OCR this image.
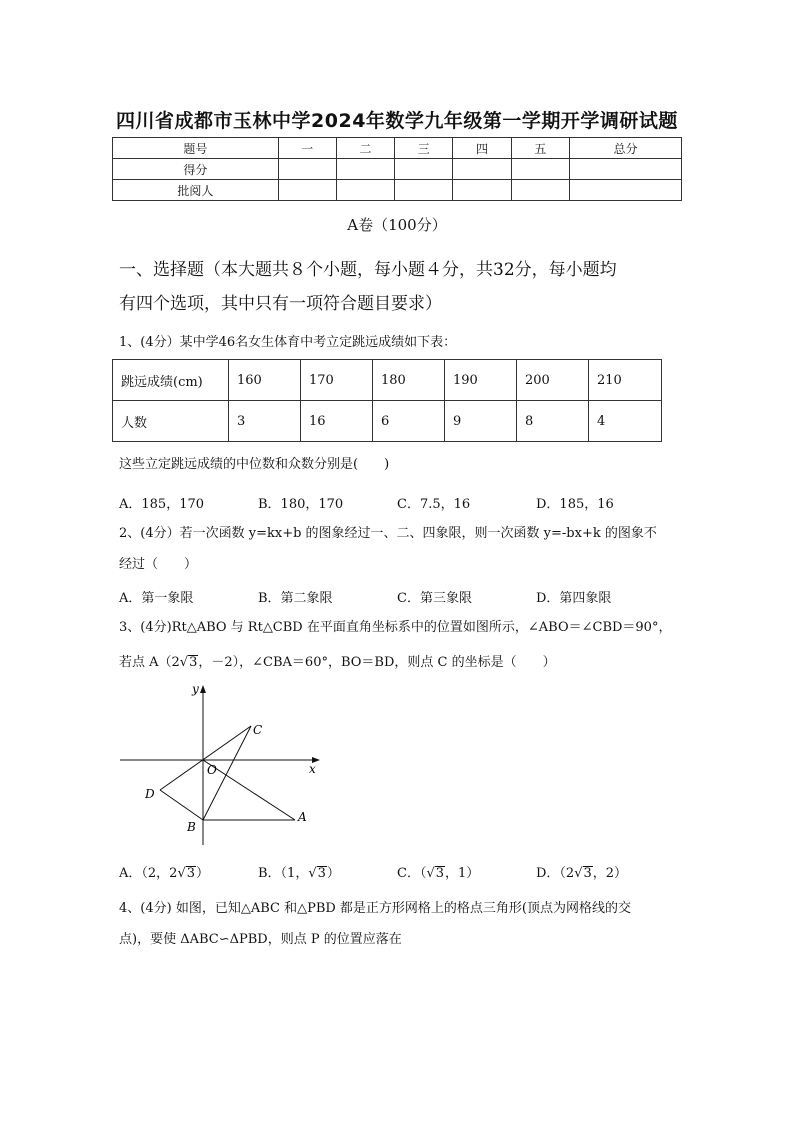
四川省成都市玉林中学2024年数学九年级第一学期开学调研试题
题号	一	二	三	四	五	总分
得分						
批阅人						
A卷（100分）
一、选择题（本大题共８个小题，每小题４分，共32分，每小题均
有四个选项，其中只有一项符合题目要求）
1、(4分）某中学46名女生体育中考立定跳远成绩如下表：
跳远成绩(cm)	160	170	180	190	200	210
人数	3	16	6	9	8	4
这些立定跳远成绩的中位数和众数分别是(　　)
A．185，170	B．180，170	C．7.5，16	D．185，16
2、(4分）若一次函数 y=kx+b 的图象经过一、二、四象限，则一次函数 y=-bx+k 的图象不
经过（　　）
A．第一象限	B．第二象限	C．第三象限	D．第四象限
3、(4分)Rt△ABO 与 Rt△CBD 在平面直角坐标系中的位置如图所示，∠ABO＝∠CBD＝90°，
若点 A（2 √ 3，－2），∠CBA＝60°，BO＝BD，则点 C 的坐标是（　　）
y
x
O
C
D
B
A
A．（2，2 √ 3）	B．（1， √ 3）	C．（ √ 3，1）	D．（2 √ 3，2）
4、(4分) 如图，已知△ABC 和△PBD 都是正方形网格上的格点三角形(顶点为网格线的交
点)，要使 ΔABC∽ΔPBD，则点 P 的位置应落在
